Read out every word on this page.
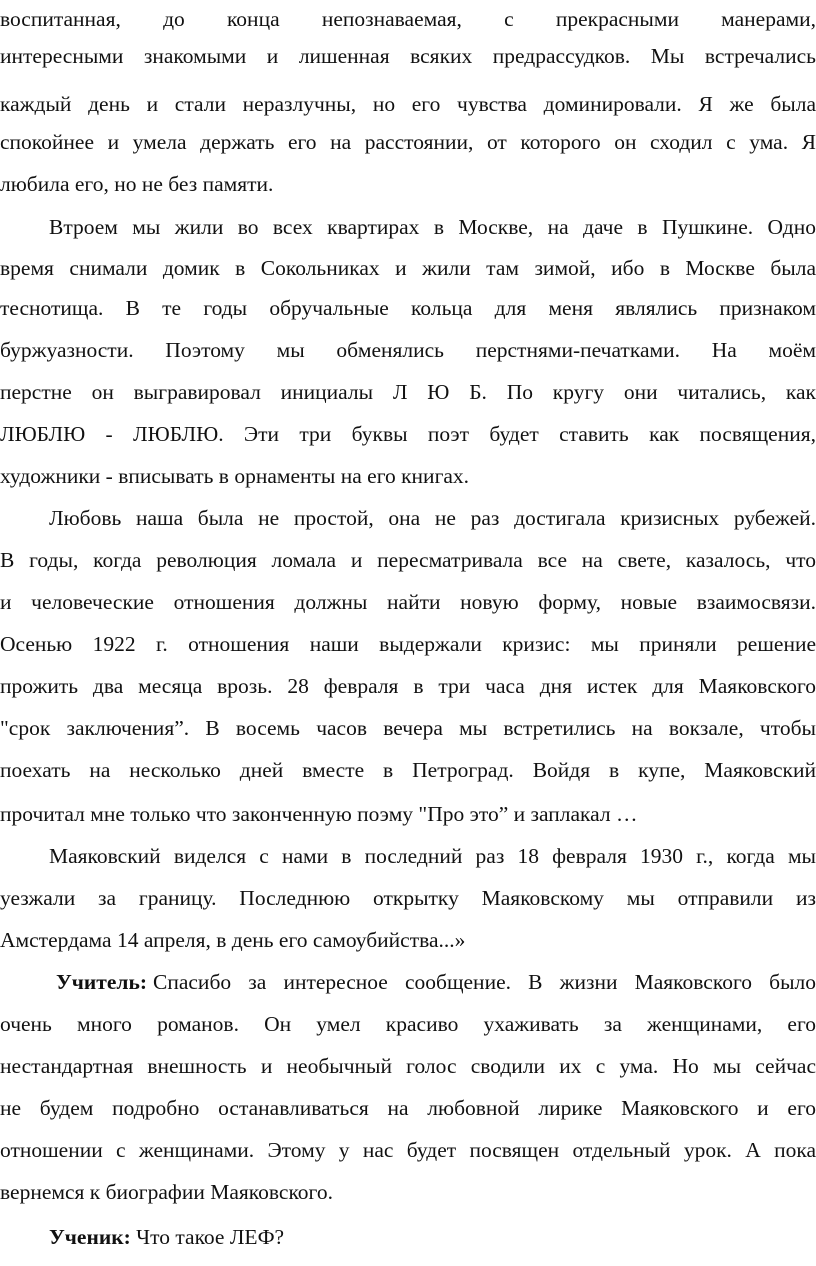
воспитанная, до конца непознаваемая, с прекрасными манерами,
интересными знакомыми и лишенная всяких предрассудков. Мы встречались
каждый день и стали неразлучны, но его чувства доминировали. Я же была
спокойнее и умела держать его на расстоянии, от которого он сходил с ума. Я
любила его, но не без памяти.
Втроем мы жили во всех квартирах в Москве, на даче в Пушкине. Одно
время снимали домик в Сокольниках и жили там зимой, ибо в Москве была
теснотища. В те годы обручальные кольца для меня являлись признаком
буржуазности. Поэтому мы обменялись перстнями-печатками. На моём
перстне он выгравировал инициалы Л Ю Б. По кругу они читались, как
ЛЮБЛЮ - ЛЮБЛЮ. Эти три буквы поэт будет ставить как посвящения,
художники - вписывать в орнаменты на его книгах.
Любовь наша была не простой, она не раз достигала кризисных рубежей.
В годы, когда революция ломала и пересматривала все на свете, казалось, что
и человеческие отношения должны найти новую форму, новые взаимосвязи.
Осенью 1922 г. отношения наши выдержали кризис: мы приняли решение
прожить два месяца врозь. 28 февраля в три часа дня истек для Маяковского
"срок заключения”. В восемь часов вечера мы встретились на вокзале, чтобы
поехать на несколько дней вместе в Петроград. Войдя в купе, Маяковский
прочитал мне только что законченную поэму "Про это” и заплакал …
Маяковский виделся с нами в последний раз 18 февраля 1930 г., когда мы
уезжали за границу. Последнюю открытку Маяковскому мы отправили из
Амстердама 14 апреля, в день его самоубийства...»
Учитель: Спасибо за интересное сообщение. В жизни Маяковского было
очень много романов. Он умел красиво ухаживать за женщинами, его
нестандартная внешность и необычный голос сводили их с ума. Но мы сейчас
не будем подробно останавливаться на любовной лирике Маяковского и его
отношении с женщинами. Этому у нас будет посвящен отдельный урок. А пока
вернемся к биографии Маяковского.
Ученик: Что такое ЛЕФ?
